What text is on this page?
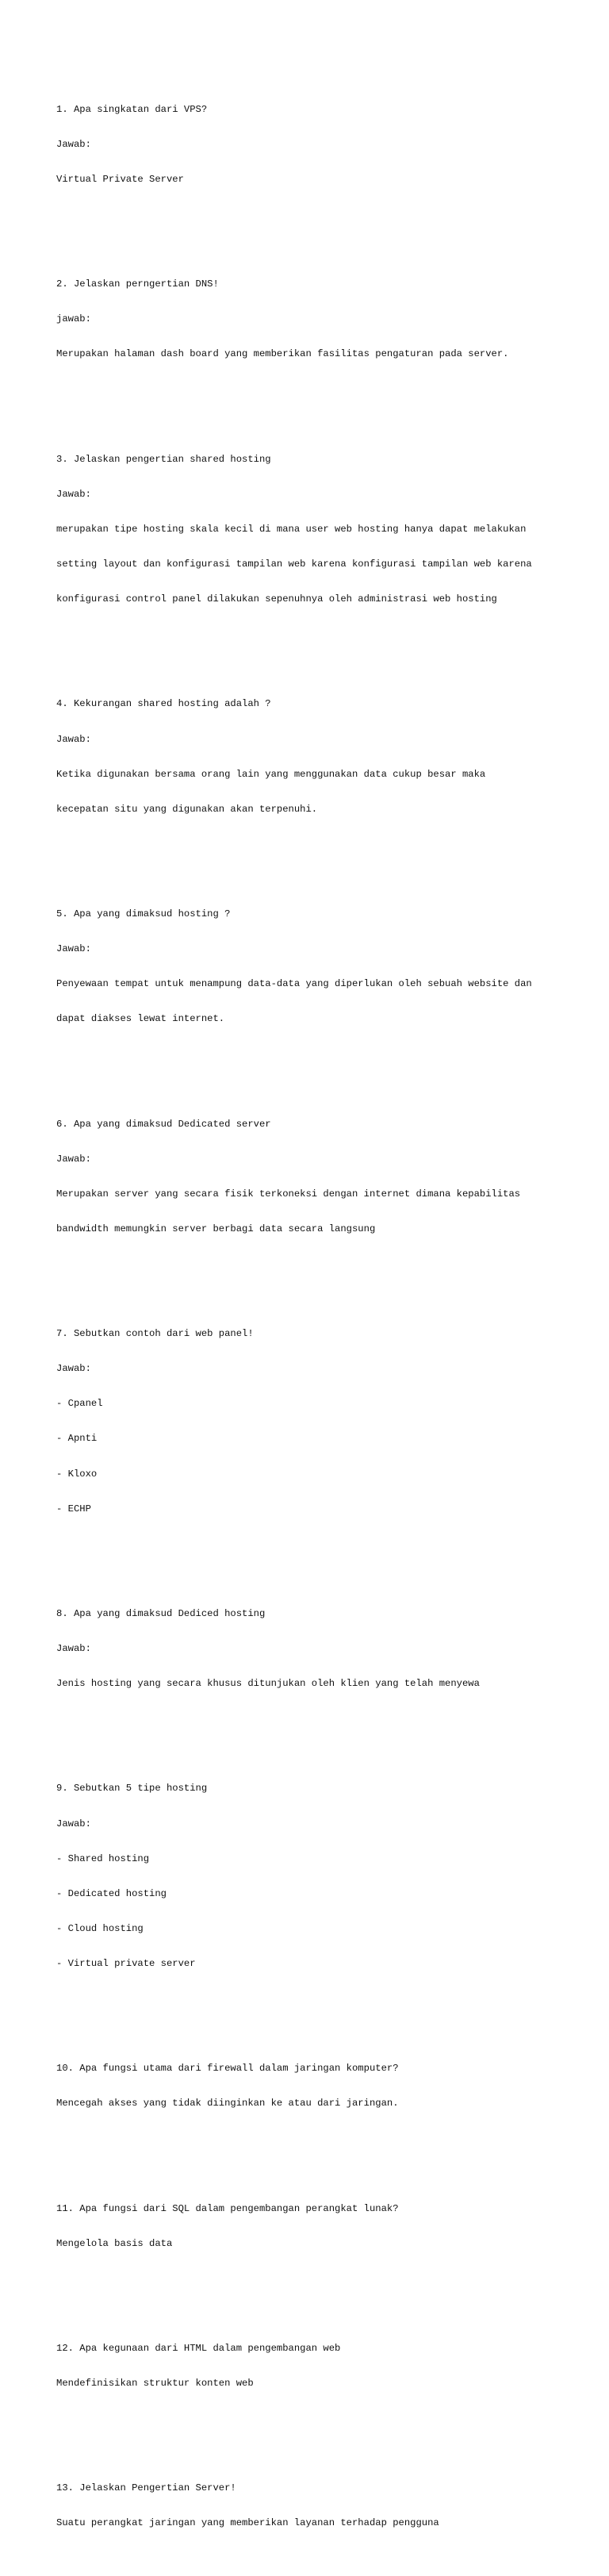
1. Apa singkatan dari VPS?

Jawab:

Virtual Private Server

2. Jelaskan perngertian DNS!

jawab:

Merupakan halaman dash board yang memberikan fasilitas pengaturan pada server.

3. Jelaskan pengertian shared hosting

Jawab:

merupakan tipe hosting skala kecil di mana user web hosting hanya dapat melakukan

setting layout dan konfigurasi tampilan web karena konfigurasi tampilan web karena

konfigurasi control panel dilakukan sepenuhnya oleh administrasi web hosting

4. Kekurangan shared hosting adalah ?

Jawab:

Ketika digunakan bersama orang lain yang menggunakan data cukup besar maka

kecepatan situ yang digunakan akan terpenuhi.

5. Apa yang dimaksud hosting ?

Jawab:

Penyewaan tempat untuk menampung data-data yang diperlukan oleh sebuah website dan

dapat diakses lewat internet.

6. Apa yang dimaksud Dedicated server

Jawab:

Merupakan server yang secara fisik terkoneksi dengan internet dimana kepabilitas

bandwidth memungkin server berbagi data secara langsung

7. Sebutkan contoh dari web panel!

Jawab:

- Cpanel

- Apnti

- Kloxo

- ECHP

8. Apa yang dimaksud Dediced hosting

Jawab:

Jenis hosting yang secara khusus ditunjukan oleh klien yang telah menyewa

9. Sebutkan 5 tipe hosting

Jawab:

- Shared hosting

- Dedicated hosting

- Cloud hosting

- Virtual private server

10. Apa fungsi utama dari firewall dalam jaringan komputer?

Mencegah akses yang tidak diinginkan ke atau dari jaringan.

11. Apa fungsi dari SQL dalam pengembangan perangkat lunak?

Mengelola basis data

12. Apa kegunaan dari HTML dalam pengembangan web

Mendefinisikan struktur konten web

13. Jelaskan Pengertian Server!

Suatu perangkat jaringan yang memberikan layanan terhadap pengguna
